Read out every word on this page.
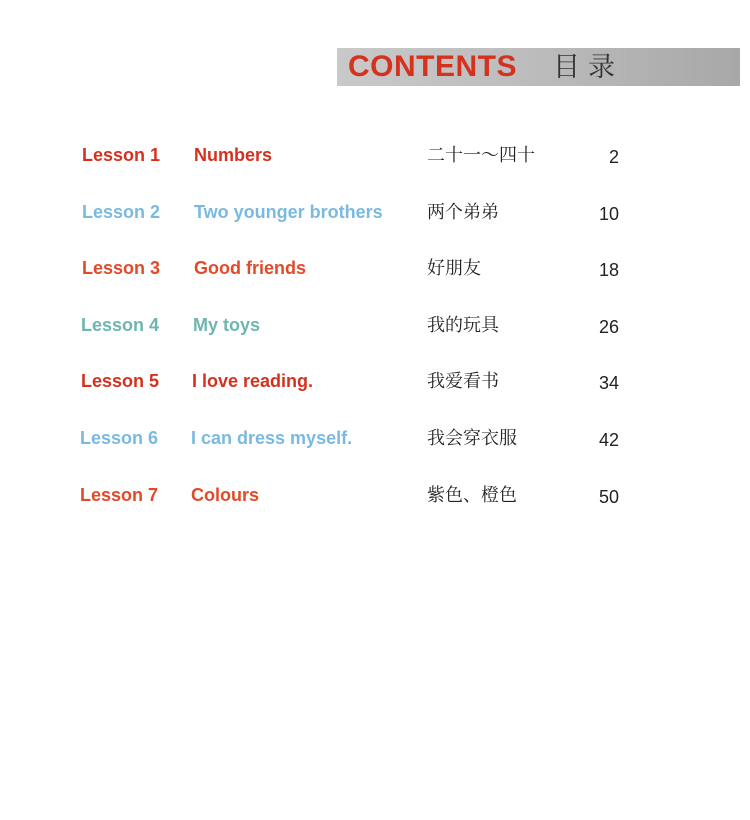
CONTENTS 目录
Lesson 1 Numbers	二十一～四十	2
Lesson 2 Two younger brothers 两个弟弟	10
Lesson 3 Good friends	好朋友	18
Lesson 4 My toys	我的玩具	26
Lesson 5 I love reading.	我爱看书	34
Lesson 6 I can dress myself.	我会穿衣服	42
Lesson 7 Colours	紫色、橙色	50
